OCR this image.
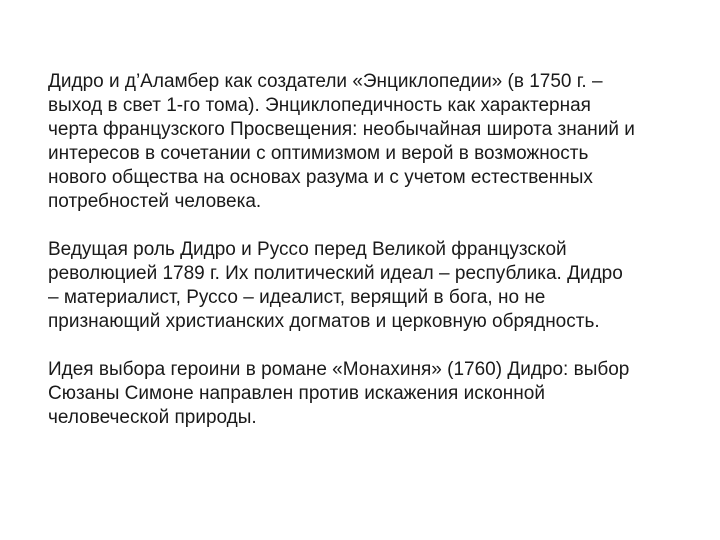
Дидро и д’Аламбер как создатели «Энциклопедии» (в 1750 г. –
выход в свет 1-го тома). Энциклопедичность как характерная
черта французского Просвещения: необычайная широта знаний и
интересов в сочетании с оптимизмом и верой в возможность
нового общества на основах разума и с учетом естественных
потребностей человека.

Ведущая роль Дидро и Руссо перед Великой французской
революцией 1789 г. Их политический идеал – республика. Дидро
– материалист, Руссо – идеалист, верящий в бога, но не
признающий христианских догматов и церковную обрядность.

Идея выбора героини в романе «Монахиня» (1760) Дидро: выбор
Сюзаны Симоне направлен против искажения исконной
человеческой природы.
